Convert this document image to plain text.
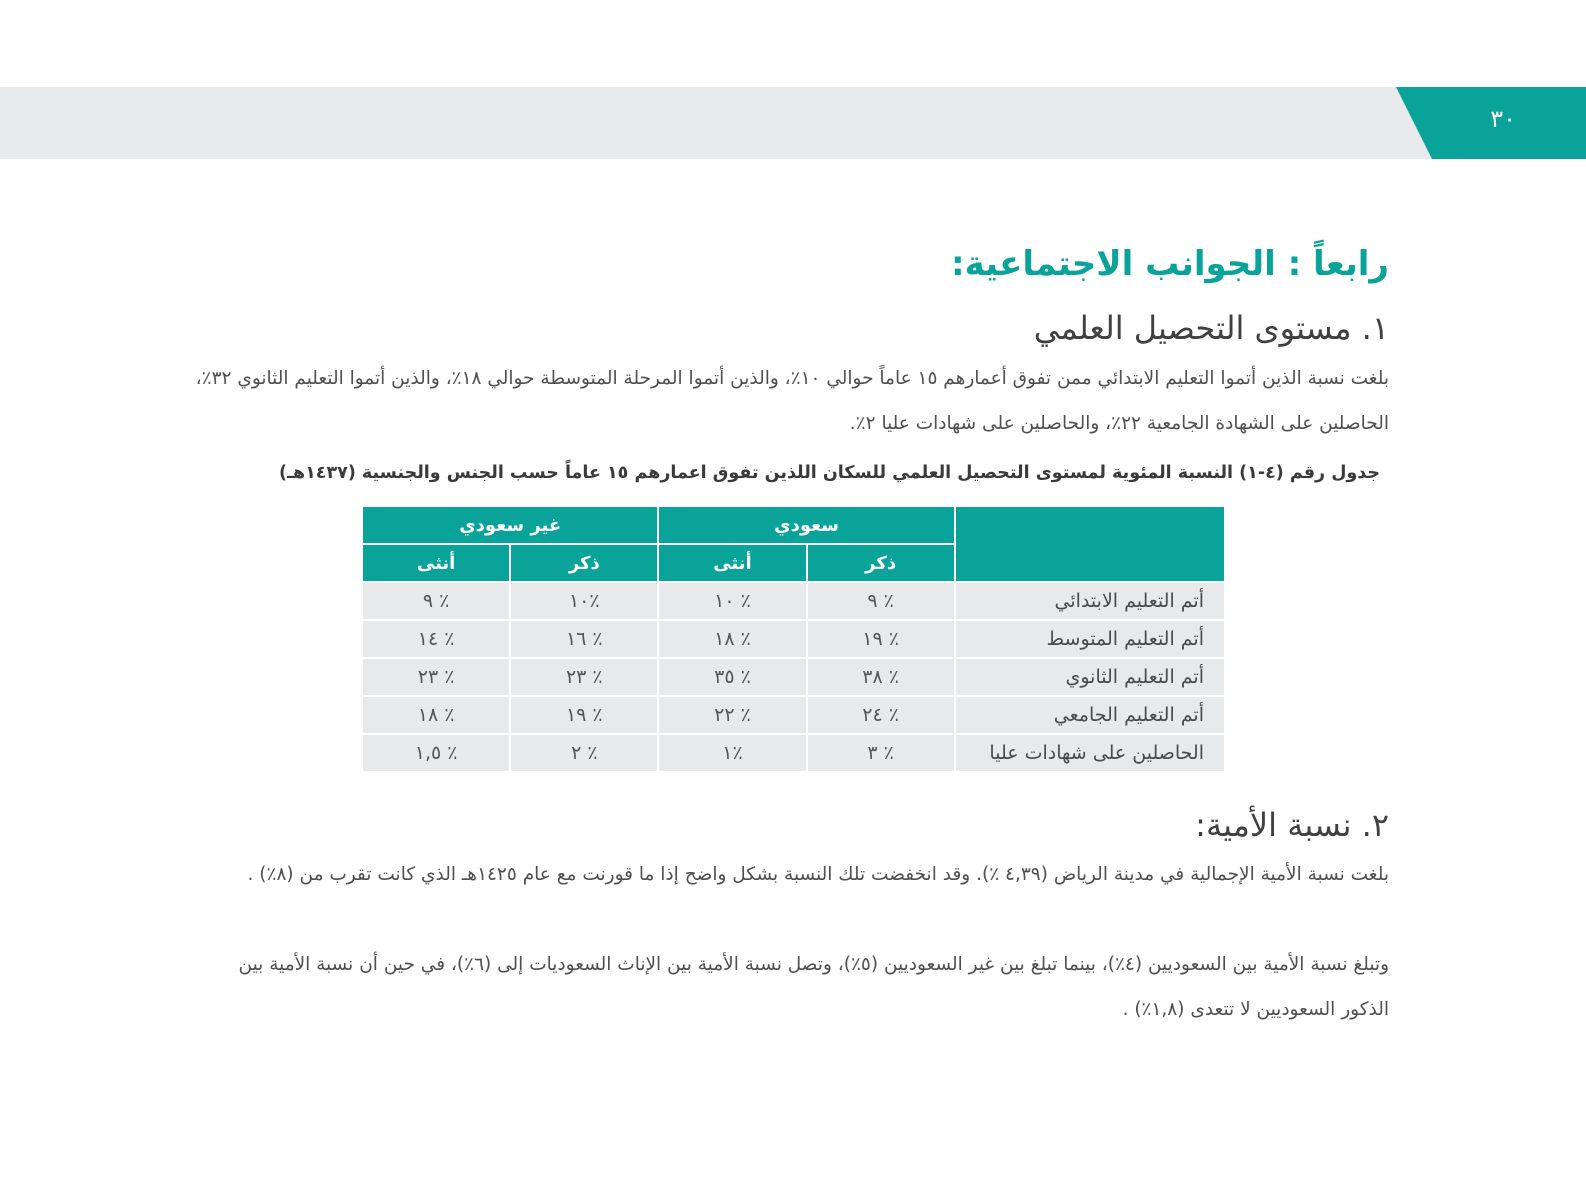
٣٠
رابعاً : الجوانب الاجتماعية:
١. مستوى التحصيل العلمي
بلغت نسبة الذين أتموا التعليم الابتدائي ممن تفوق أعمارهم ١٥ عاماً حوالي ١٠٪، والذين أتموا المرحلة المتوسطة حوالي ١٨٪، والذين أتموا التعليم الثانوي ٣٢٪، الحاصلين على الشهادة الجامعية ٢٢٪، والحاصلين على شهادات عليا ٢٪.
جدول رقم (٤-١) النسبة المئوية لمستوى التحصيل العلمي للسكان اللذين تفوق اعمارهم ١٥ عاماً حسب الجنس والجنسية (١٤٣٧هـ)
	سعودي		غير سعودي	
	ذكر	أنثى	ذكر	أنثى
أتم التعليم الابتدائي	٪ ٩	٪ ١٠	٪١٠	٪ ٩
أتم التعليم المتوسط	٪ ١٩	٪ ١٨	٪ ١٦	٪ ١٤
أتم التعليم الثانوي	٪ ٣٨	٪ ٣٥	٪ ٢٣	٪ ٢٣
أتم التعليم الجامعي	٪ ٢٤	٪ ٢٢	٪ ١٩	٪ ١٨
الحاصلين على شهادات عليا	٪ ٣	٪١	٪ ٢	٪ ١,٥
٢. نسبة الأمية:
بلغت نسبة الأمية الإجمالية في مدينة الرياض (٤,٣٩ ٪). وقد انخفضت تلك النسبة بشكل واضح إذا ما قورنت مع عام ١٤٢٥هـ الذي كانت تقرب من (٨٪) .
وتبلغ نسبة الأمية بين السعوديين (٤٪)، بينما تبلغ بين غير السعوديين (٥٪)، وتصل نسبة الأمية بين الإناث السعوديات إلى (٦٪)، في حين أن نسبة الأمية بين الذكور السعوديين لا تتعدى (١,٨٪) .
